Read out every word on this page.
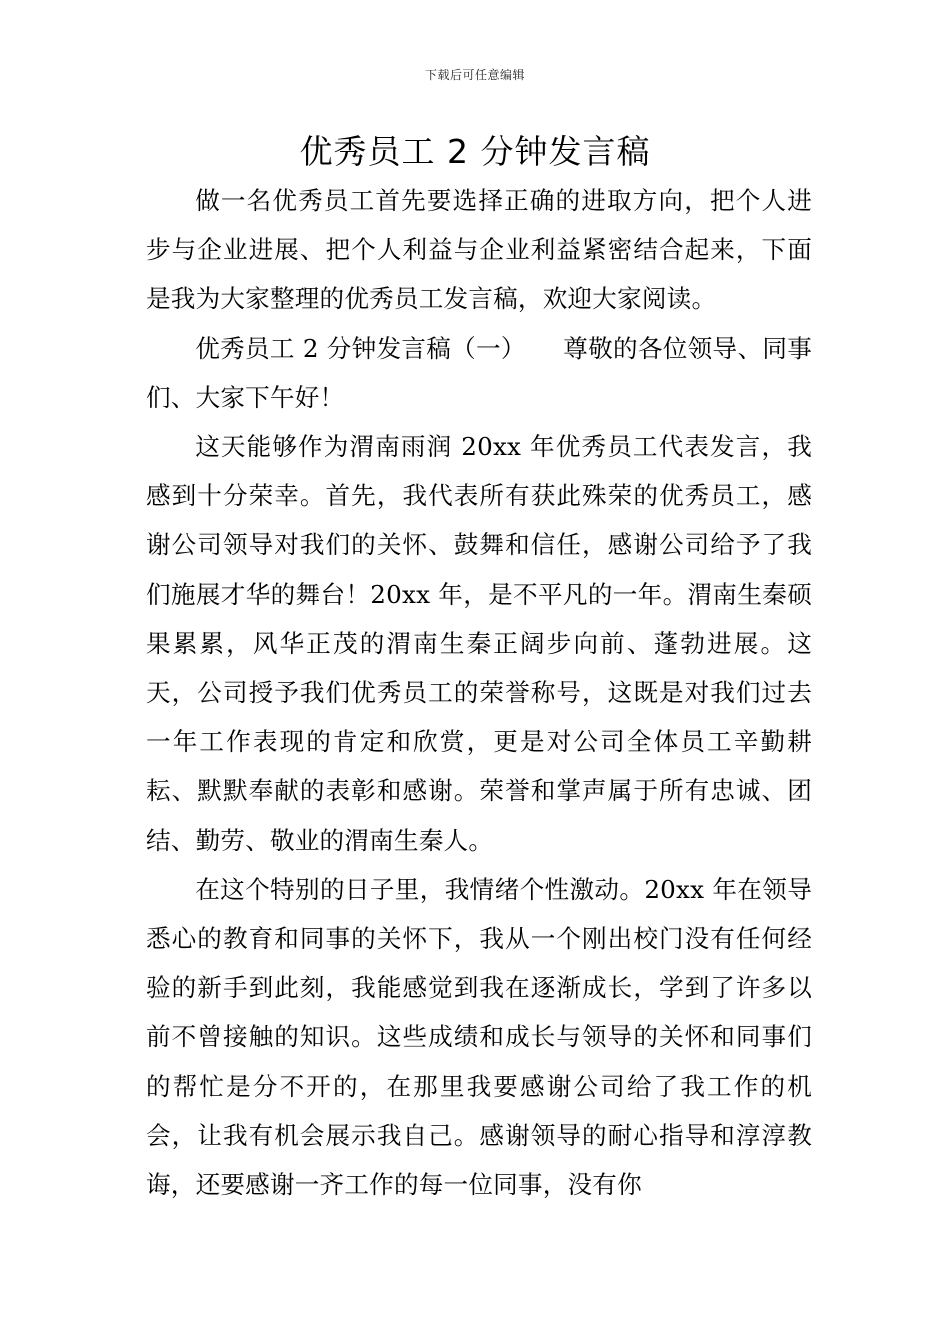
下载后可任意编辑
优秀员工 2 分钟发言稿

做一名优秀员工首先要选择正确的进取方向，把个人进步与企业进展、把个人利益与企业利益紧密结合起来，下面是我为大家整理的优秀员工发言稿，欢迎大家阅读。

优秀员工 2 分钟发言稿（一）　　尊敬的各位领导、同事们、大家下午好！

这天能够作为渭南雨润 20xx 年优秀员工代表发言，我感到十分荣幸。首先，我代表所有获此殊荣的优秀员工，感谢公司领导对我们的关怀、鼓舞和信任，感谢公司给予了我们施展才华的舞台！20xx 年，是不平凡的一年。渭南生秦硕果累累，风华正茂的渭南生秦正阔步向前、蓬勃进展。这天，公司授予我们优秀员工的荣誉称号，这既是对我们过去一年工作表现的肯定和欣赏，更是对公司全体员工辛勤耕耘、默默奉献的表彰和感谢。荣誉和掌声属于所有忠诚、团结、勤劳、敬业的渭南生秦人。

在这个特别的日子里，我情绪个性激动。20xx 年在领导悉心的教育和同事的关怀下，我从一个刚出校门没有任何经验的新手到此刻，我能感觉到我在逐渐成长，学到了许多以前不曾接触的知识。这些成绩和成长与领导的关怀和同事们的帮忙是分不开的，在那里我要感谢公司给了我工作的机会，让我有机会展示我自己。感谢领导的耐心指导和淳淳教诲，还要感谢一齐工作的每一位同事，没有你
